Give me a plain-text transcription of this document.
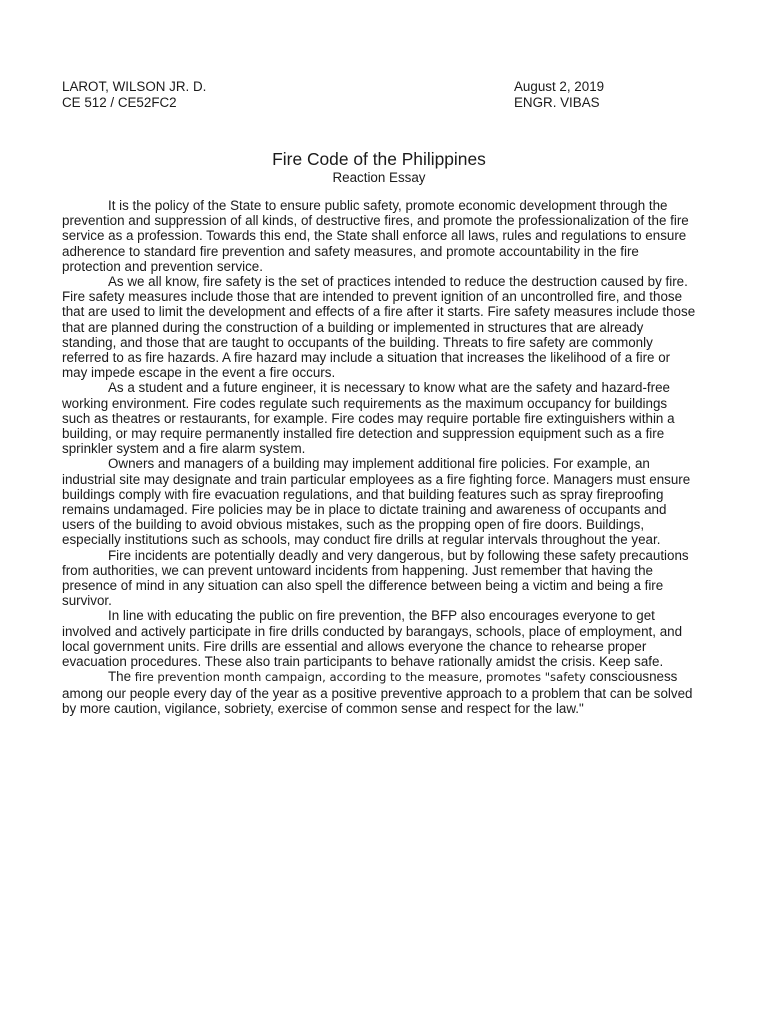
LAROT, WILSON JR. D.
CE 512 / CE52FC2
August 2, 2019
ENGR. VIBAS
Fire Code of the Philippines
Reaction Essay

It is the policy of the State to ensure public safety, promote economic development through the prevention and suppression of all kinds, of destructive fires, and promote the professionalization of the fire service as a profession. Towards this end, the State shall enforce all laws, rules and regulations to ensure adherence to standard fire prevention and safety measures, and promote accountability in the fire protection and prevention service.

As we all know, fire safety is the set of practices intended to reduce the destruction caused by fire. Fire safety measures include those that are intended to prevent ignition of an uncontrolled fire, and those that are used to limit the development and effects of a fire after it starts. Fire safety measures include those that are planned during the construction of a building or implemented in structures that are already standing, and those that are taught to occupants of the building. Threats to fire safety are commonly referred to as fire hazards. A fire hazard may include a situation that increases the likelihood of a fire or may impede escape in the event a fire occurs.

As a student and a future engineer, it is necessary to know what are the safety and hazard-free working environment. Fire codes regulate such requirements as the maximum occupancy for buildings such as theatres or restaurants, for example. Fire codes may require portable fire extinguishers within a building, or may require permanently installed fire detection and suppression equipment such as a fire sprinkler system and a fire alarm system.

Owners and managers of a building may implement additional fire policies. For example, an industrial site may designate and train particular employees as a fire fighting force. Managers must ensure buildings comply with fire evacuation regulations, and that building features such as spray fireproofing remains undamaged. Fire policies may be in place to dictate training and awareness of occupants and users of the building to avoid obvious mistakes, such as the propping open of fire doors. Buildings, especially institutions such as schools, may conduct fire drills at regular intervals throughout the year.

Fire incidents are potentially deadly and very dangerous, but by following these safety precautions from authorities, we can prevent untoward incidents from happening. Just remember that having the presence of mind in any situation can also spell the difference between being a victim and being a fire survivor.

In line with educating the public on fire prevention, the BFP also encourages everyone to get involved and actively participate in fire drills conducted by barangays, schools, place of employment, and local government units. Fire drills are essential and allows everyone the chance to rehearse proper evacuation procedures. These also train participants to behave rationally amidst the crisis. Keep safe.

The fire prevention month campaign, according to the measure, promotes "safety consciousness among our people every day of the year as a positive preventive approach to a problem that can be solved by more caution, vigilance, sobriety, exercise of common sense and respect for the law."
